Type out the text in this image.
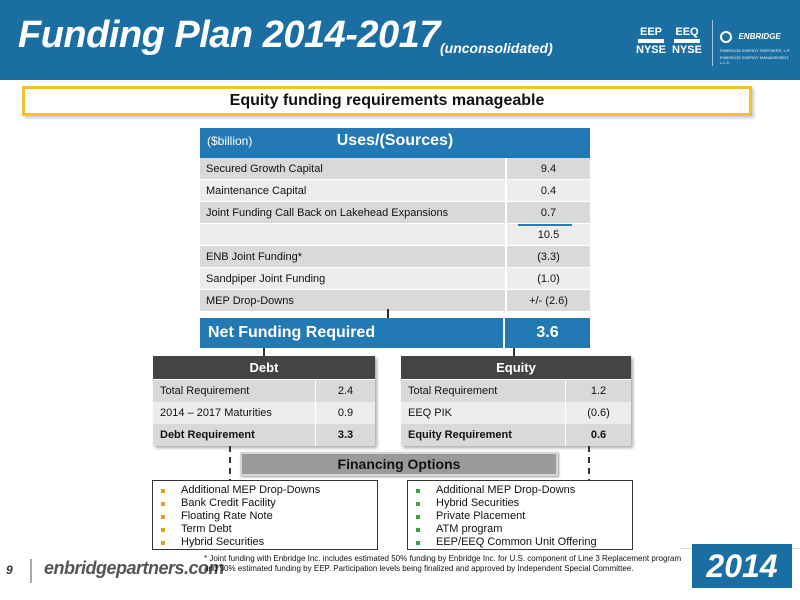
Funding Plan 2014-2017 (unconsolidated)
EEP
NYSE
EEQ
NYSE
ENBRIDGE
ENBRIDGE ENERGY PARTNERS, L.P.
ENBRIDGE ENERGY MANAGEMENT, L.L.C.
Equity funding requirements manageable
($billion)	Uses/(Sources)
Secured Growth Capital	9.4
Maintenance Capital	0.4
Joint Funding Call Back on Lakehead Expansions	0.7
10.5
ENB Joint Funding*	(3.3)
Sandpiper Joint Funding	(1.0)
MEP Drop-Downs	+/- (2.6)
Net Funding Required	3.6
Debt
Total Requirement	2.4
2014 – 2017 Maturities	0.9
Debt Requirement	3.3
Equity
Total Requirement	1.2
EEQ PIK	(0.6)
Equity Requirement	0.6
Financing Options
Additional MEP Drop-Downs
Bank Credit Facility
Floating Rate Note
Term Debt
Hybrid Securities
Additional MEP Drop-Downs
Hybrid Securities
Private Placement
ATM program
EEP/EEQ Common Unit Offering
9 enbridgepartners.com
* Joint funding with Enbridge Inc. includes estimated 50% funding by Enbridge Inc. for U.S. component of Line 3 Replacement program and 50% estimated funding by EEP. Participation levels being finalized and approved by Independent Special Committee.	2014
